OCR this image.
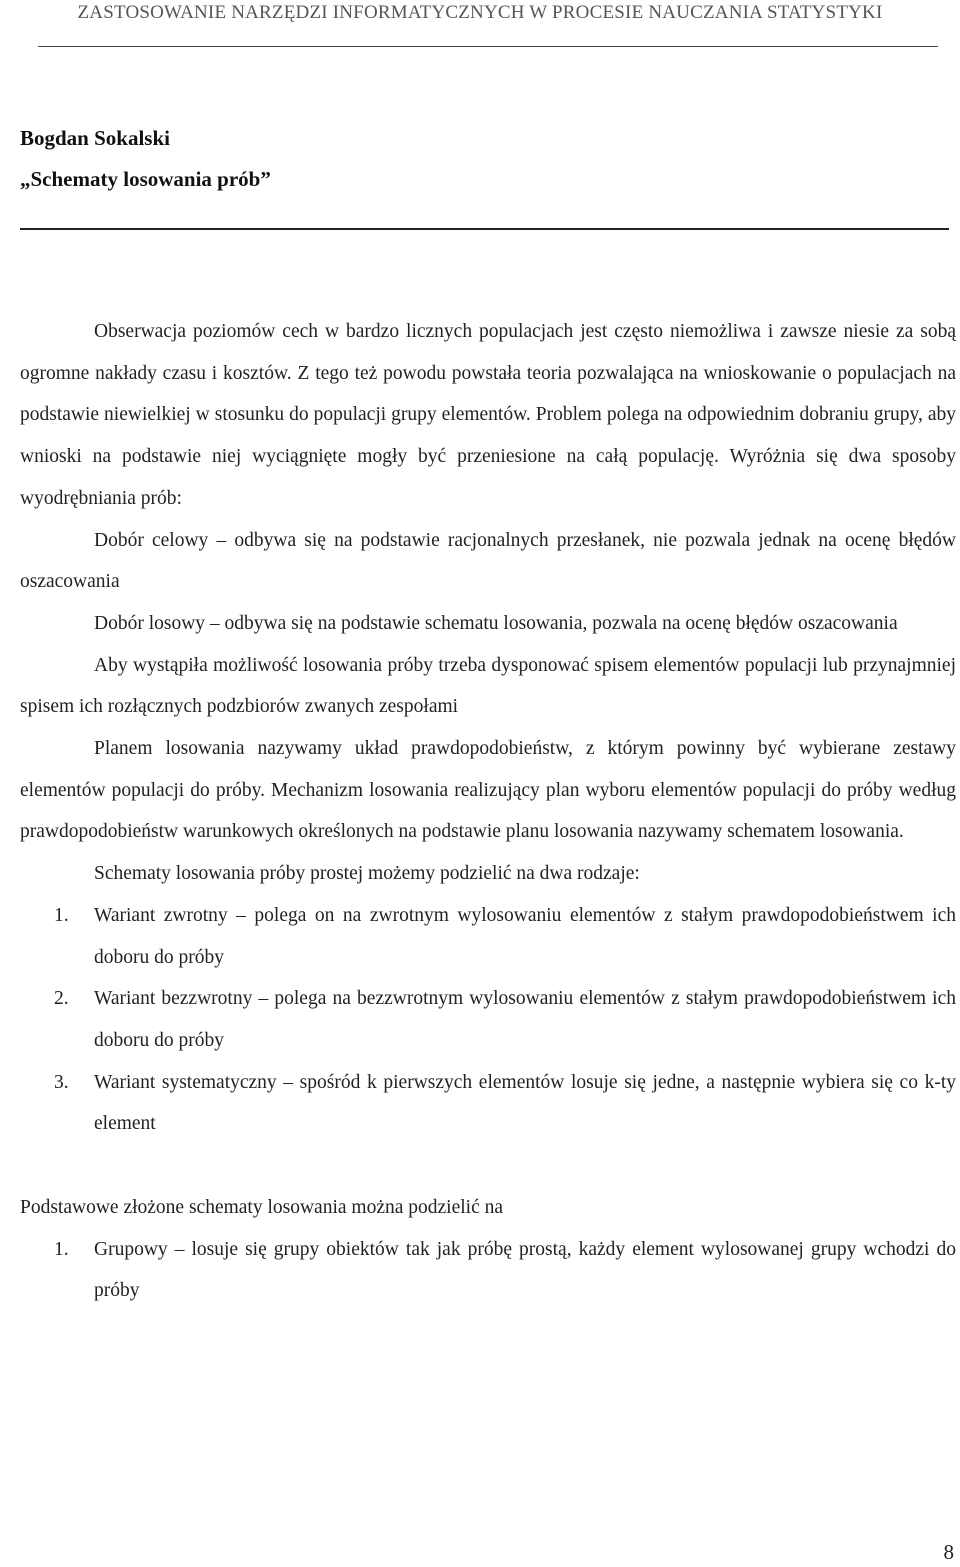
ZASTOSOWANIE NARZĘDZI INFORMATYCZNYCH W PROCESIE NAUCZANIA STATYSTYKI
Bogdan Sokalski
„Schematy losowania prób”

Obserwacja poziomów cech w bardzo licznych populacjach jest często niemożliwa i zawsze niesie za sobą ogromne nakłady czasu i kosztów. Z tego też powodu powstała teoria pozwalająca na wnioskowanie o populacjach na podstawie niewielkiej w stosunku do populacji grupy elementów. Problem polega na odpowiednim dobraniu grupy, aby wnioski na podstawie niej wyciągnięte mogły być przeniesione na całą populację. Wyróżnia się dwa sposoby wyodrębniania prób:

Dobór celowy – odbywa się na podstawie racjonalnych przesłanek, nie pozwala jednak na ocenę błędów oszacowania

Dobór losowy – odbywa się na podstawie schematu losowania, pozwala na ocenę błędów oszacowania

Aby wystąpiła możliwość losowania próby trzeba dysponować spisem elementów populacji lub przynajmniej spisem ich rozłącznych podzbiorów zwanych zespołami

Planem losowania nazywamy układ prawdopodobieństw, z którym powinny być wybierane zestawy elementów populacji do próby. Mechanizm losowania realizujący plan wyboru elementów populacji do próby według prawdopodobieństw warunkowych określonych na podstawie planu losowania nazywamy schematem losowania.

Schematy losowania próby prostej możemy podzielić na dwa rodzaje:

1. Wariant zwrotny – polega on na zwrotnym wylosowaniu elementów z stałym prawdopodobieństwem ich doboru do próby
2. Wariant bezzwrotny – polega na bezzwrotnym wylosowaniu elementów z stałym prawdopodobieństwem ich doboru do próby
3. Wariant systematyczny – spośród k pierwszych elementów losuje się jedne, a następnie wybiera się co k-ty element

Podstawowe złożone schematy losowania można podzielić na

1. Grupowy – losuje się grupy obiektów tak jak próbę prostą, każdy element wylosowanej grupy wchodzi do próby
8
